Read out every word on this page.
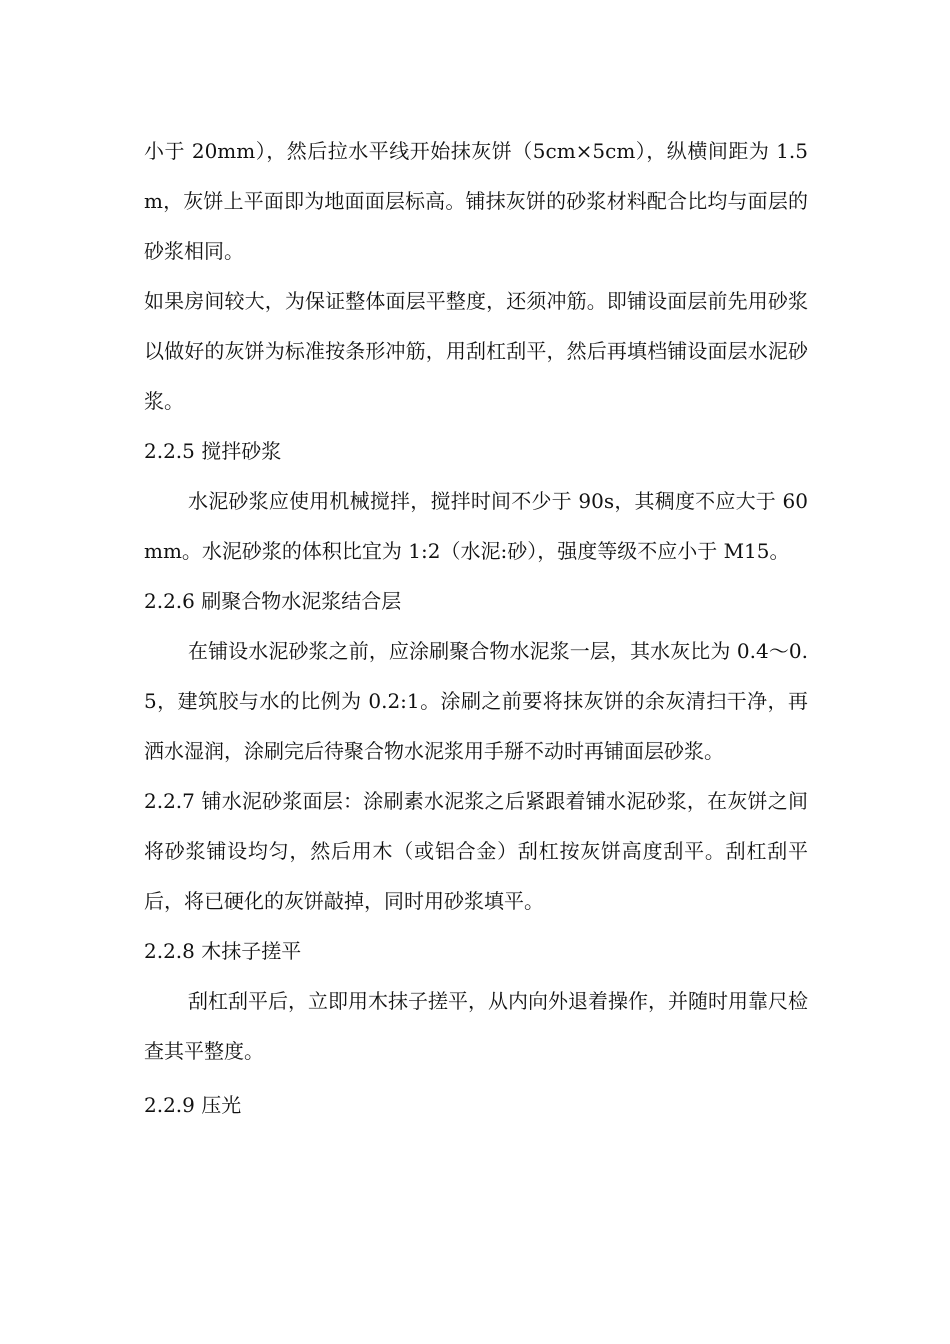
小于 20mm），然后拉水平线开始抹灰饼（5cm×5cm），纵横间距为 1.5m，灰饼上平面即为地面面层标高。铺抹灰饼的砂浆材料配合比均与面层的砂浆相同。

如果房间较大，为保证整体面层平整度，还须冲筋。即铺设面层前先用砂浆以做好的灰饼为标准按条形冲筋，用刮杠刮平，然后再填档铺设面层水泥砂浆。

2.2.5 搅拌砂浆

水泥砂浆应使用机械搅拌，搅拌时间不少于 90s，其稠度不应大于 60mm。水泥砂浆的体积比宜为 1:2（水泥:砂），强度等级不应小于 M15。

2.2.6 刷聚合物水泥浆结合层

在铺设水泥砂浆之前，应涂刷聚合物水泥浆一层，其水灰比为 0.4～0.5，建筑胶与水的比例为 0.2:1。涂刷之前要将抹灰饼的余灰清扫干净，再洒水湿润，涂刷完后待聚合物水泥浆用手掰不动时再铺面层砂浆。

2.2.7 铺水泥砂浆面层：涂刷素水泥浆之后紧跟着铺水泥砂浆，在灰饼之间将砂浆铺设均匀，然后用木（或铝合金）刮杠按灰饼高度刮平。刮杠刮平后，将已硬化的灰饼敲掉，同时用砂浆填平。

2.2.8 木抹子搓平

刮杠刮平后，立即用木抹子搓平，从内向外退着操作，并随时用靠尺检查其平整度。

2.2.9 压光
